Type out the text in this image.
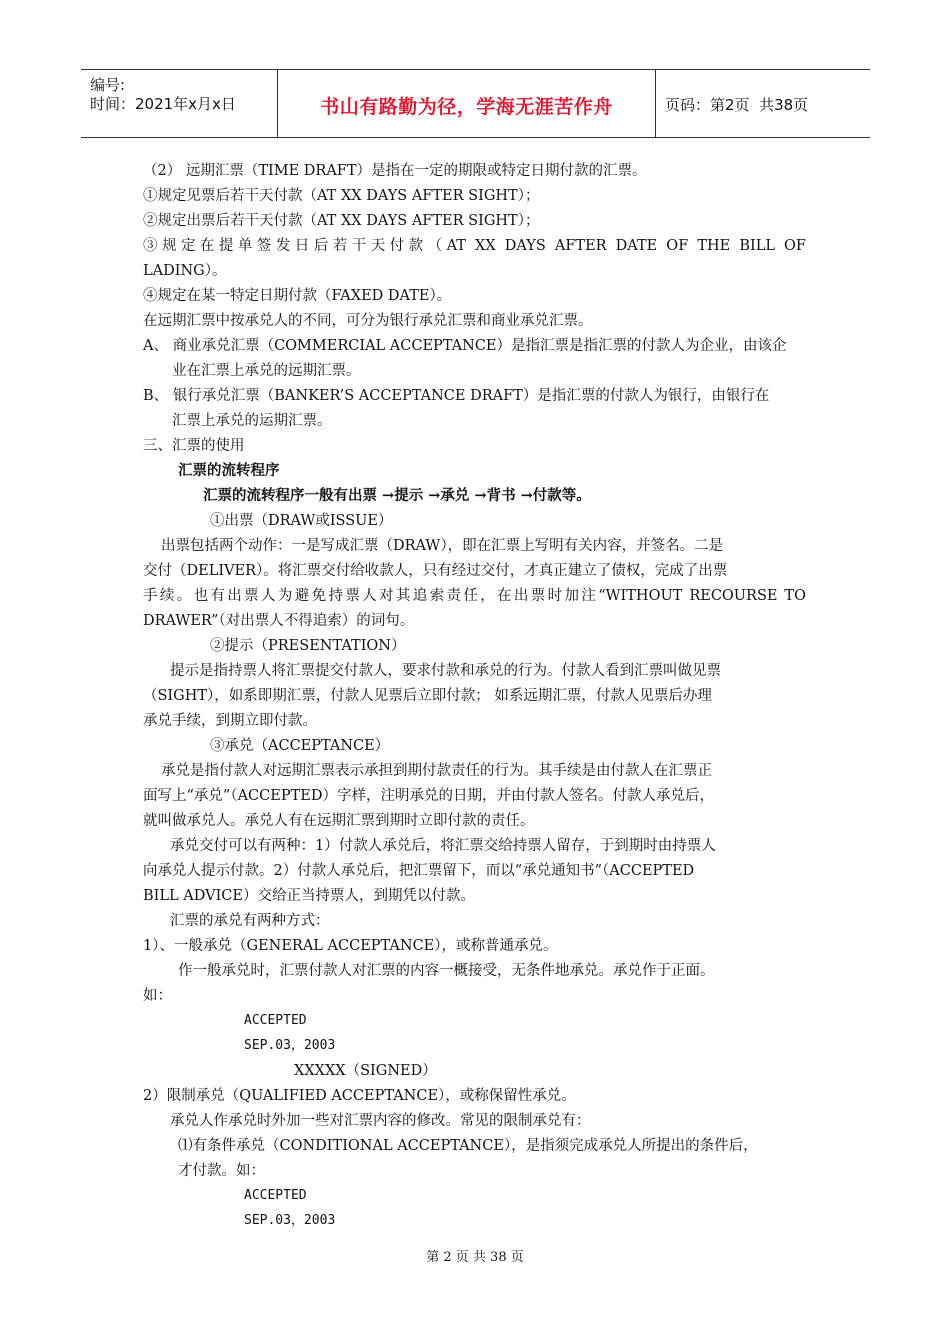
编号:
时间：2021年x月x日	书山有路勤为径，学海无涯苦作舟	页码：第2页  共38页
（2） 远期汇票（TIME DRAFT）是指在一定的期限或特定日期付款的汇票。
①规定见票后若干天付款（AT XX DAYS AFTER SIGHT）；
②规定出票后若干天付款（AT XX DAYS AFTER SIGHT）；
③规定在提单签发日后若干天付款（AT XX DAYS AFTER DATE OF THE BILL OF
LADING）。
④规定在某一特定日期付款（FAXED DATE）。
在远期汇票中按承兑人的不同，可分为银行承兑汇票和商业承兑汇票。
A、 商业承兑汇票（COMMERCIAL ACCEPTANCE）是指汇票是指汇票的付款人为企业，由该企
业在汇票上承兑的远期汇票。
B、 银行承兑汇票（BANKER’S ACCEPTANCE DRAFT）是指汇票的付款人为银行，由银行在
汇票上承兑的运期汇票。
三、汇票的使用
汇票的流转程序
汇票的流转程序一般有出票 →提示 →承兑 →背书 →付款等。
①出票（DRAW或ISSUE）
出票包括两个动作：一是写成汇票（DRAW），即在汇票上写明有关内容，并签名。二是
交付（DELIVER）。将汇票交付给收款人，只有经过交付，才真正建立了债权，完成了出票
手续。也有出票人为避免持票人对其追索责任，在出票时加注“WITHOUT RECOURSE TO
DRAWER”（对出票人不得追索）的词句。
②提示（PRESENTATION）
提示是指持票人将汇票提交付款人，要求付款和承兑的行为。付款人看到汇票叫做见票
（SIGHT），如系即期汇票，付款人见票后立即付款； 如系远期汇票，付款人见票后办理
承兑手续，到期立即付款。
③承兑（ACCEPTANCE）
承兑是指付款人对远期汇票表示承担到期付款责任的行为。其手续是由付款人在汇票正
面写上“承兑”（ACCEPTED）字样，注明承兑的日期，并由付款人签名。付款人承兑后，
就叫做承兑人。承兑人有在远期汇票到期时立即付款的责任。
承兑交付可以有两种：1）付款人承兑后，将汇票交给持票人留存，于到期时由持票人
向承兑人提示付款。2）付款人承兑后，把汇票留下，而以“承兑通知书”（ACCEPTED
BILL ADVICE）交给正当持票人，到期凭以付款。
汇票的承兑有两种方式：
1）、一般承兑（GENERAL ACCEPTANCE），或称普通承兑。
作一般承兑时，汇票付款人对汇票的内容一概接受，无条件地承兑。承兑作于正面。
如：
ACCEPTED
SEP.03，2003
XXXXX（SIGNED）
2）限制承兑（QUALIFIED ACCEPTANCE），或称保留性承兑。
承兑人作承兑时外加一些对汇票内容的修改。常见的限制承兑有：
⑴有条件承兑（CONDITIONAL ACCEPTANCE），是指须完成承兑人所提出的条件后，
才付款。如：
ACCEPTED
SEP.03，2003
第 2 页 共 38 页
